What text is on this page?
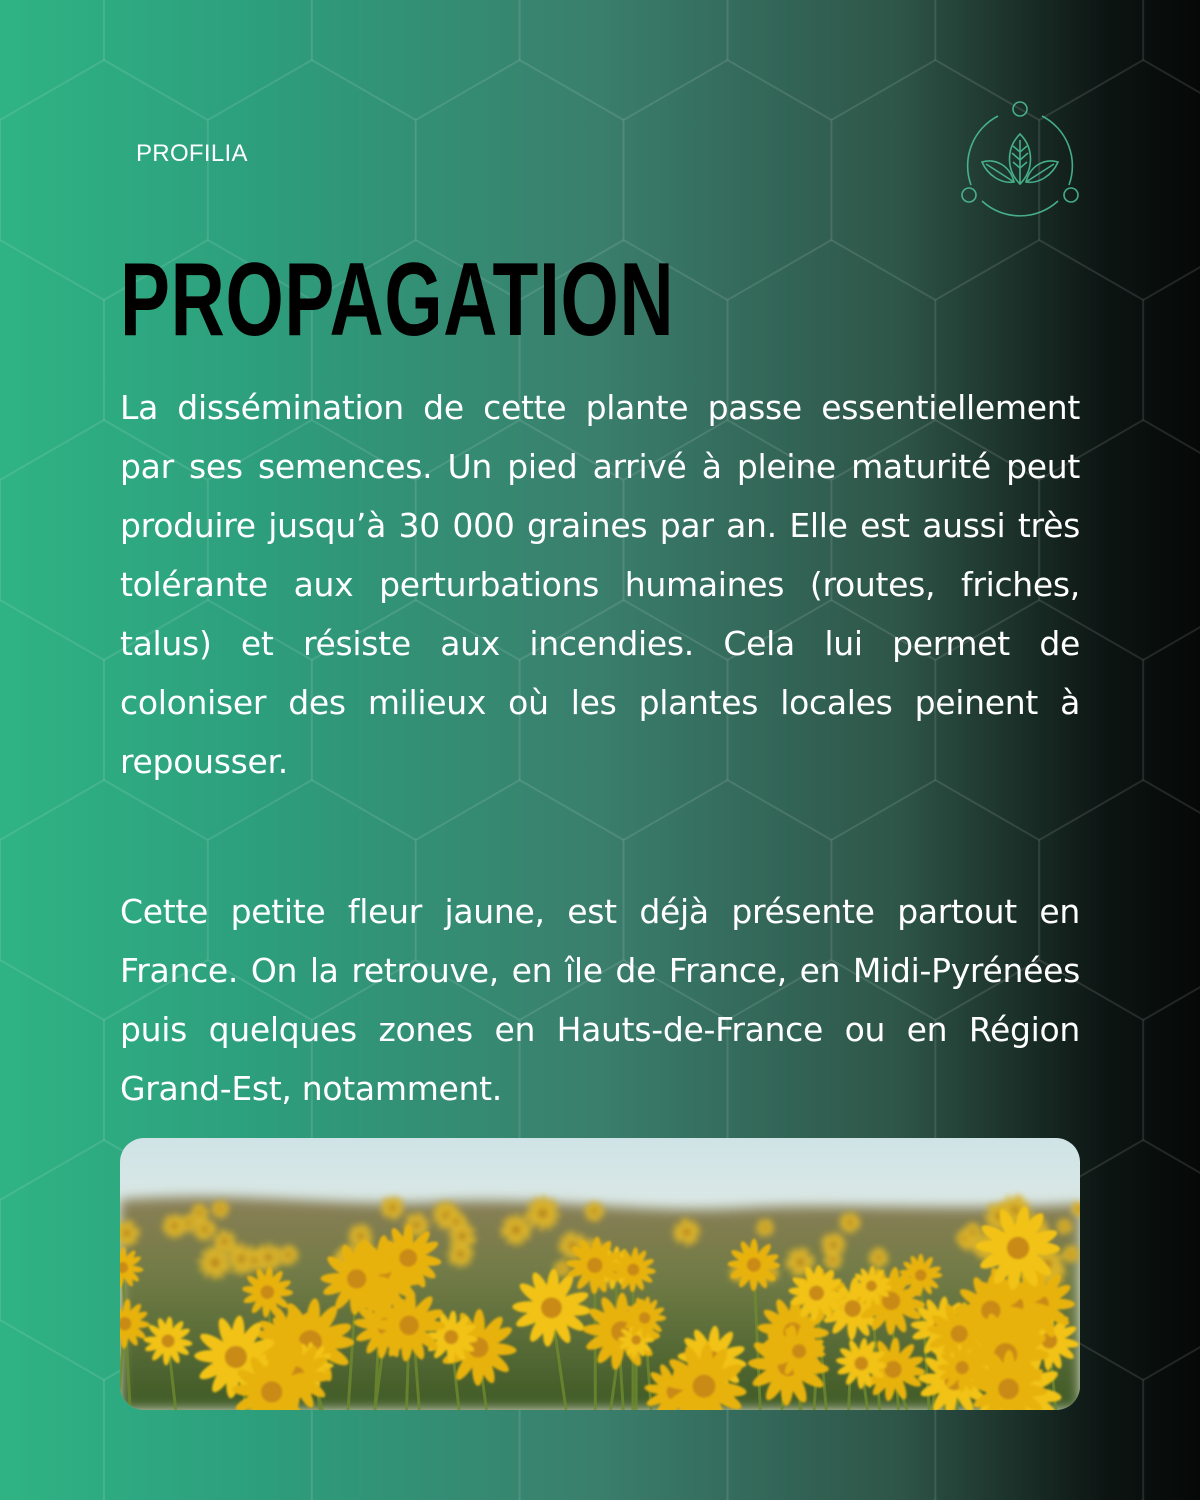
PROFILIA
PROPAGATION

La dissémination de cette plante passe essentiellement par ses semences. Un pied arrivé à pleine maturité peut produire jusqu’à 30 000 graines par an. Elle est aussi très tolérante aux perturbations humaines (routes, friches, talus) et résiste aux incendies. Cela lui permet de coloniser des milieux où les plantes locales peinent à repousser.

Cette petite fleur jaune, est déjà présente partout en France. On la retrouve, en île de France, en Midi-Pyrénées puis quelques zones en Hauts-de-France ou en Région Grand-Est, notamment.
